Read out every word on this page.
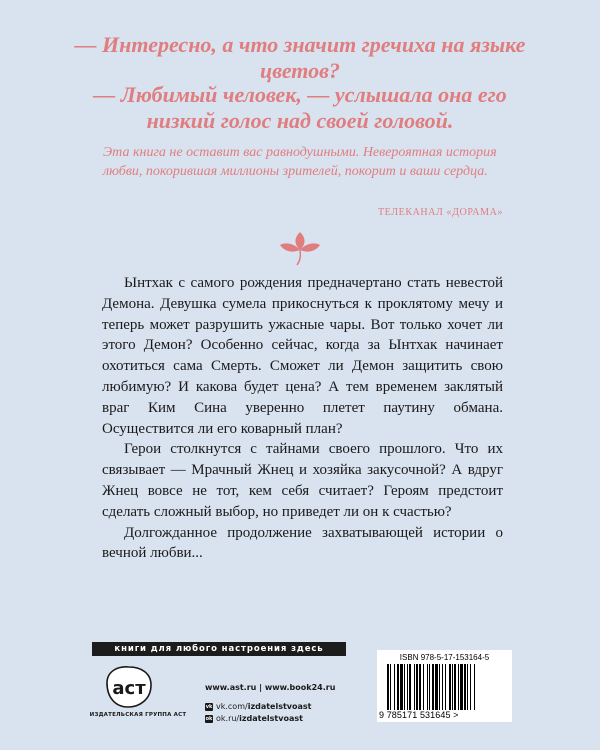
— Интересно, а что значит гречиха на языке цветов?
— Любимый человек, — услышала она его низкий голос над своей головой.
Эта книга не оставит вас равнодушными. Невероятная история любви, покорившая миллионы зрителей, покорит и ваши сердца.
ТЕЛЕКАНАЛ «ДОРАМА»

Ынтхак с самого рождения предначертано стать невестой Демона. Девушка сумела прикоснуться к проклятому мечу и теперь может разрушить ужасные чары. Вот только хочет ли этого Демон? Особенно сейчас, когда за Ынтхак начинает охотиться сама Смерть. Сможет ли Демон защитить свою любимую? И какова будет цена? А тем временем заклятый враг Ким Сина уверенно плетет паутину обмана. Осуществится ли его коварный план?

Герои столкнутся с тайнами своего прошлого. Что их связывает — Мрачный Жнец и хозяйка закусочной? А вдруг Жнец вовсе не тот, кем себя считает? Героям предстоит сделать сложный выбор, но приведет ли он к счастью?

Долгожданное продолжение захватывающей истории о вечной любви...

книги для любого настроения здесь
аст
ИЗДАТЕЛЬСКАЯ ГРУППА АСТ
www.ast.ru | www.book24.ru
vk vk.com/ izdatelstvoast
ok ok.ru/ izdatelstvoast
ISBN 978-5-17-153164-5
9 785171 531645 >
